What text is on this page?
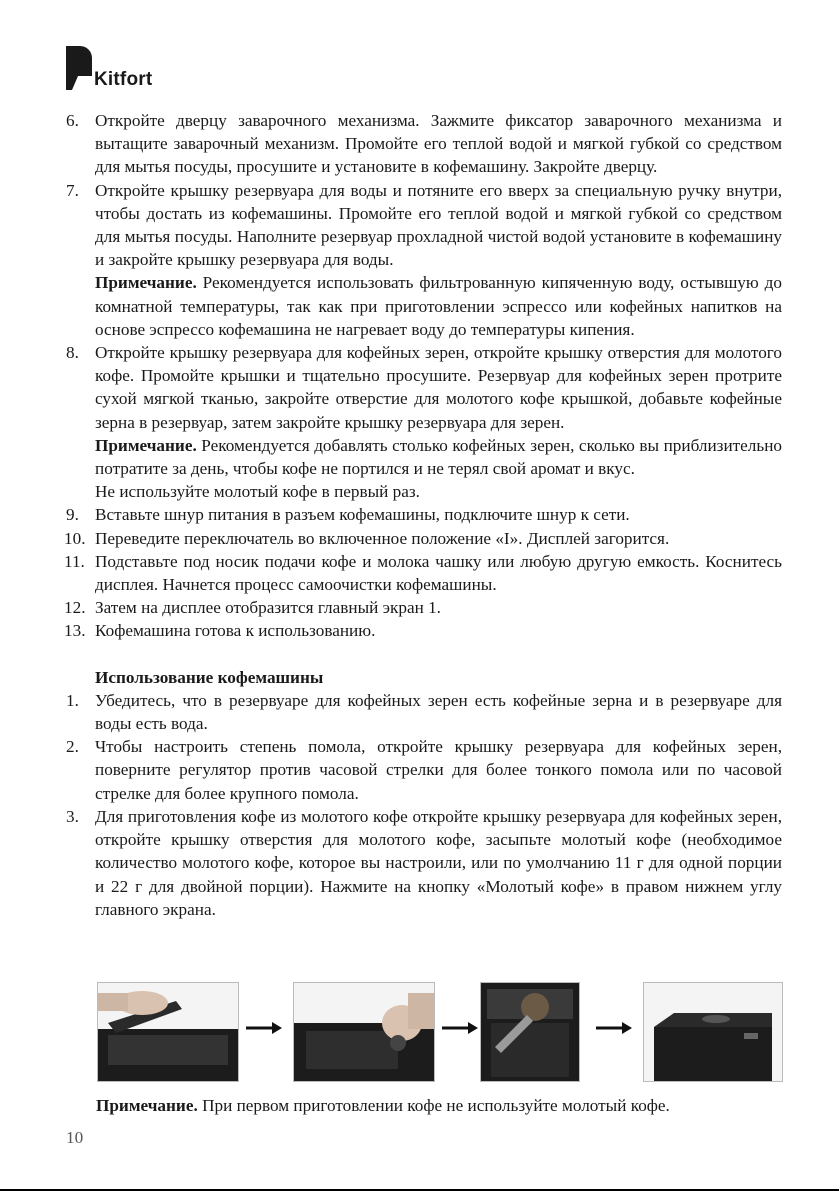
Kitfort
6. Откройте дверцу заварочного механизма. Зажмите фиксатор заварочного механизма и вытащите заварочный механизм. Промойте его теплой водой и мягкой губкой со средством для мытья посуды, просушите и установите в кофемашину. Закройте дверцу.

7. Откройте крышку резервуара для воды и потяните его вверх за специальную ручку внутри, чтобы достать из кофемашины. Промойте его теплой водой и мягкой губкой со средством для мытья посуды. Наполните резервуар прохладной чистой водой установите в кофемашину и закройте крышку резервуара для воды.

Примечание. Рекомендуется использовать фильтрованную кипяченную воду, остывшую до комнатной температуры, так как при приготовлении эспрессо или кофейных напитков на основе эспрессо кофемашина не нагревает воду до температуры кипения.

8. Откройте крышку резервуара для кофейных зерен, откройте крышку отверстия для молотого кофе. Промойте крышки и тщательно просушите. Резервуар для кофейных зерен протрите сухой мягкой тканью, закройте отверстие для молотого кофе крышкой, добавьте кофейные зерна в резервуар, затем закройте крышку резервуара для зерен.

Примечание. Рекомендуется добавлять столько кофейных зерен, сколько вы приблизительно потратите за день, чтобы кофе не портился и не терял свой аромат и вкус.

Не используйте молотый кофе в первый раз.

9. Вставьте шнур питания в разъем кофемашины, подключите шнур к сети.

10. Переведите переключатель во включенное положение «I». Дисплей загорится.

11. Подставьте под носик подачи кофе и молока чашку или любую другую емкость. Коснитесь дисплея. Начнется процесс самоочистки кофемашины.

12. Затем на дисплее отобразится главный экран 1.

13. Кофемашина готова к использованию.

Использование кофемашины
1. Убедитесь, что в резервуаре для кофейных зерен есть кофейные зерна и в резервуаре для воды есть вода.

2. Чтобы настроить степень помола, откройте крышку резервуара для кофейных зерен, поверните регулятор против часовой стрелки для более тонкого помола или по часовой стрелке для более крупного помола.

3. Для приготовления кофе из молотого кофе откройте крышку резервуара для кофейных зерен, откройте крышку отверстия для молотого кофе, засыпьте молотый кофе (необходимое количество молотого кофе, которое вы настроили, или по умолчанию 11 г для одной порции и 22 г для двойной порции). Нажмите на кнопку «Молотый кофе» в правом нижнем углу главного экрана.

Примечание. При первом приготовлении кофе не используйте молотый кофе.
10
